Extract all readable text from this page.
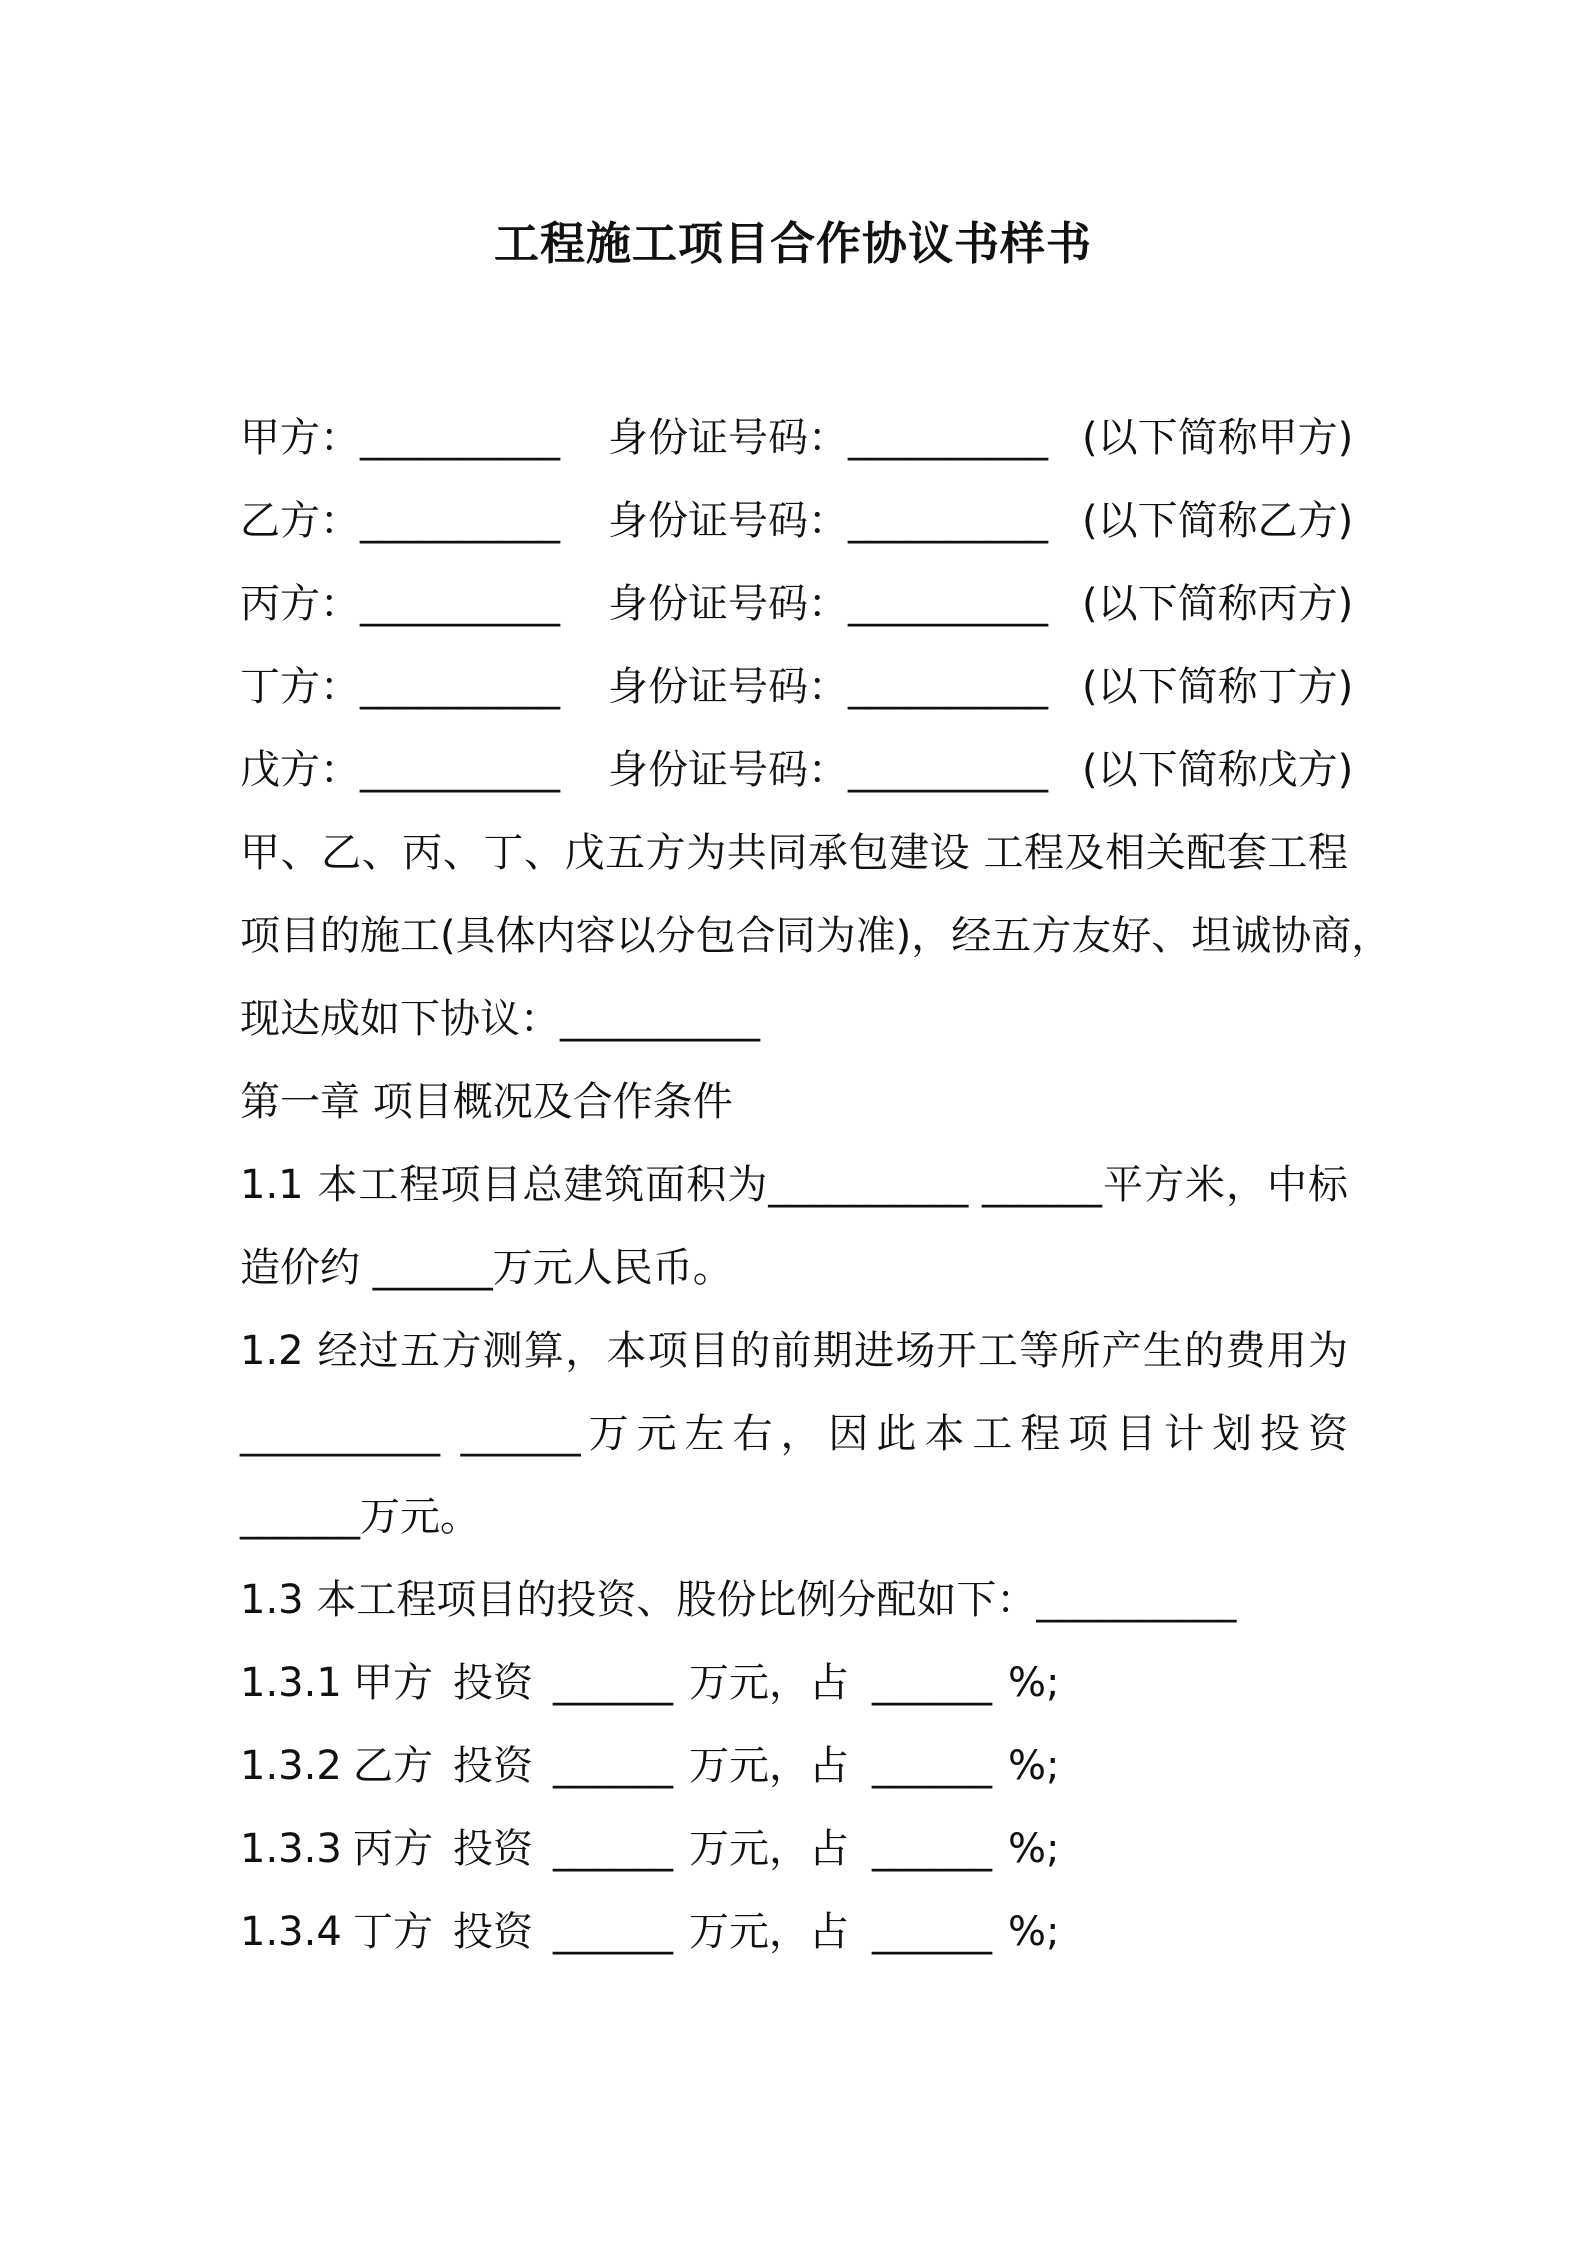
工程施工项目合作协议书样书
甲方： __________ 身份证号码： __________ (以下简称甲方)
乙方： __________ 身份证号码： __________ (以下简称乙方)
丙方： __________ 身份证号码： __________ (以下简称丙方)
丁方： __________ 身份证号码： __________ (以下简称丁方)
戊方： __________ 身份证号码： __________ (以下简称戊方)
甲、乙、丙、丁、戊五方为共同承包建设 工程及相关配套工程
项目的施工(具体内容以分包合同为准)，经五方友好、坦诚协商，
现达成如下协议：__________
第一章 项目概况及合作条件
1.1 本工程项目总建筑面积为__________ ______平方米，中标
造价约 ______万元人民币。
1.2 经过五方测算，本项目的前期进场开工等所产生的费用为
__________ ______万元左右，因此本工程项目计划投资
______万元。
1.3 本工程项目的投资、股份比例分配如下：__________
1.3.1 甲方 投资 ______ 万元，占 ______ %;
1.3.2 乙方 投资 ______ 万元，占 ______ %;
1.3.3 丙方 投资 ______ 万元，占 ______ %;
1.3.4 丁方 投资 ______ 万元，占 ______ %;
